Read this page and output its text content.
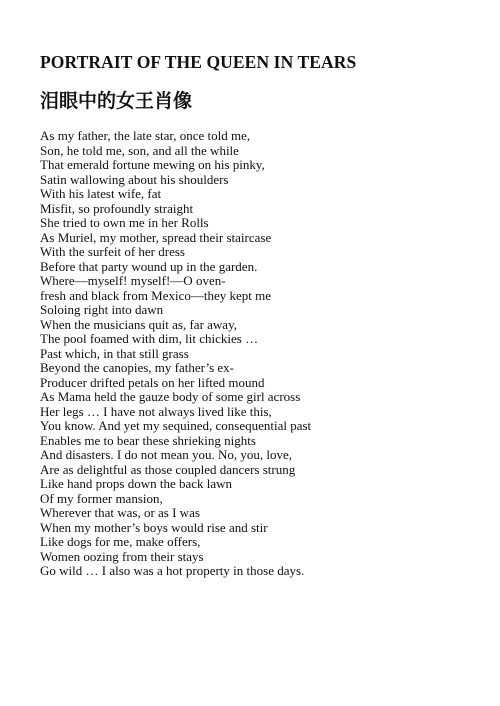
PORTRAIT OF THE QUEEN IN TEARS
泪眼中的女王肖像
As my father, the late star, once told me,
Son, he told me, son, and all the while
That emerald fortune mewing on his pinky,
Satin wallowing about his shoulders
With his latest wife, fat
Misfit, so profoundly straight
She tried to own me in her Rolls
As Muriel, my mother, spread their staircase
With the surfeit of her dress
Before that party wound up in the garden.
Where—myself! myself!—O oven-
fresh and black from Mexico—they kept me
Soloing right into dawn
When the musicians quit as, far away,
The pool foamed with dim, lit chickies …
Past which, in that still grass
Beyond the canopies, my father’s ex-
Producer drifted petals on her lifted mound
As Mama held the gauze body of some girl across
Her legs … I have not always lived like this,
You know. And yet my sequined, consequential past
Enables me to bear these shrieking nights
And disasters. I do not mean you. No, you, love,
Are as delightful as those coupled dancers strung
Like hand props down the back lawn
Of my former mansion,
Wherever that was, or as I was
When my mother’s boys would rise and stir
Like dogs for me, make offers,
Women oozing from their stays
Go wild … I also was a hot property in those days.
